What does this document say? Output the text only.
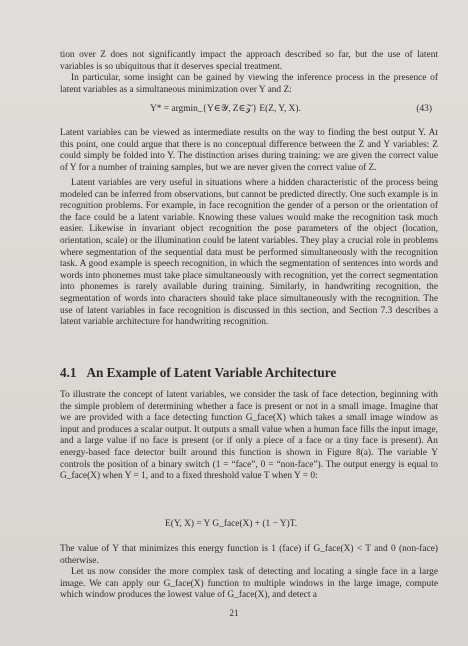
tion over Z does not significantly impact the approach described so far, but the use of latent variables is so ubiquitous that it deserves special treatment.

In particular, some insight can be gained by viewing the inference process in the presence of latent variables as a simultaneous minimization over Y and Z:

Y* = argmin_{Y∈𝒴, Z∈𝒵} E(Z, Y, X).	(43)

Latent variables can be viewed as intermediate results on the way to finding the best output Y. At this point, one could argue that there is no conceptual difference between the Z and Y variables: Z could simply be folded into Y. The distinction arises during training: we are given the correct value of Y for a number of training samples, but we are never given the correct value of Z.

Latent variables are very useful in situations where a hidden characteristic of the process being modeled can be inferred from observations, but cannot be predicted directly. One such example is in recognition problems. For example, in face recognition the gender of a person or the orientation of the face could be a latent variable. Knowing these values would make the recognition task much easier. Likewise in invariant object recognition the pose parameters of the object (location, orientation, scale) or the illumination could be latent variables. They play a crucial role in problems where segmentation of the sequential data must be performed simultaneously with the recognition task. A good example is speech recognition, in which the segmentation of sentences into words and words into phonemes must take place simultaneously with recognition, yet the correct segmentation into phonemes is rarely available during training. Similarly, in handwriting recognition, the segmentation of words into characters should take place simultaneously with the recognition. The use of latent variables in face recognition is discussed in this section, and Section 7.3 describes a latent variable architecture for handwriting recognition.

4.1 An Example of Latent Variable Architecture

To illustrate the concept of latent variables, we consider the task of face detection, beginning with the simple problem of determining whether a face is present or not in a small image. Imagine that we are provided with a face detecting function G_face(X) which takes a small image window as input and produces a scalar output. It outputs a small value when a human face fills the input image, and a large value if no face is present (or if only a piece of a face or a tiny face is present). An energy-based face detector built around this function is shown in Figure 8(a). The variable Y controls the position of a binary switch (1 = “face”, 0 = “non-face”). The output energy is equal to G_face(X) when Y = 1, and to a fixed threshold value T when Y = 0:

E(Y, X) = Y G_face(X) + (1 − Y)T.

The value of Y that minimizes this energy function is 1 (face) if G_face(X) < T and 0 (non-face) otherwise.

Let us now consider the more complex task of detecting and locating a single face in a large image. We can apply our G_face(X) function to multiple windows in the large image, compute which window produces the lowest value of G_face(X), and detect a

21
